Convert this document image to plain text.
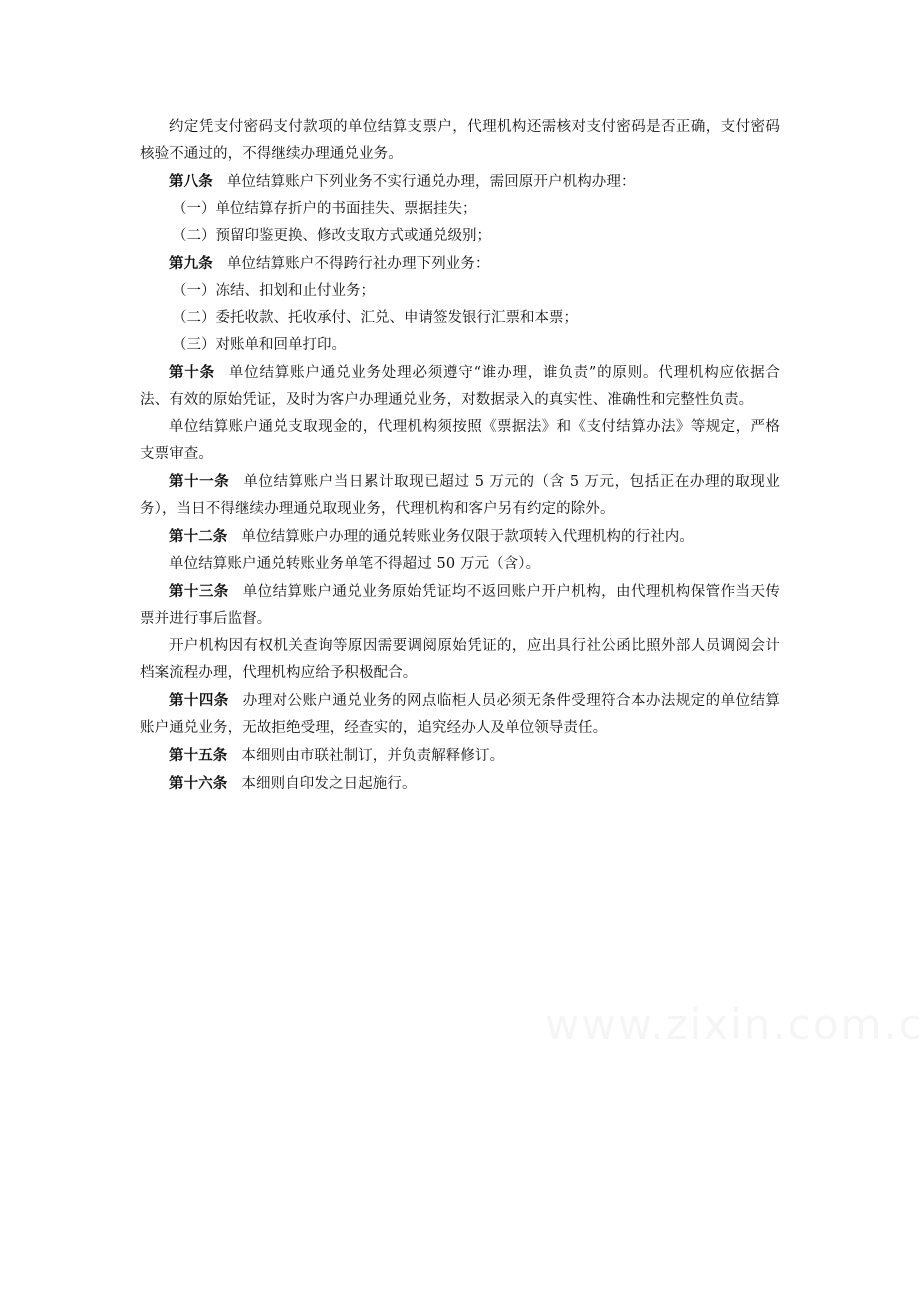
约定凭支付密码支付款项的单位结算支票户，代理机构还需核对支付密码是否正确，支付密码核验不通过的，不得继续办理通兑业务。

第八条 单位结算账户下列业务不实行通兑办理，需回原开户机构办理：

（一）单位结算存折户的书面挂失、票据挂失；

（二）预留印鉴更换、修改支取方式或通兑级别；

第九条 单位结算账户不得跨行社办理下列业务：

（一）冻结、扣划和止付业务；

（二）委托收款、托收承付、汇兑、申请签发银行汇票和本票；

（三）对账单和回单打印。

第十条 单位结算账户通兑业务处理必须遵守“谁办理，谁负责”的原则。代理机构应依据合法、有效的原始凭证，及时为客户办理通兑业务，对数据录入的真实性、准确性和完整性负责。

单位结算账户通兑支取现金的，代理机构须按照《票据法》和《支付结算办法》等规定，严格支票审查。

第十一条 单位结算账户当日累计取现已超过 5 万元的（含 5 万元，包括正在办理的取现业务），当日不得继续办理通兑取现业务，代理机构和客户另有约定的除外。

第十二条 单位结算账户办理的通兑转账业务仅限于款项转入代理机构的行社内。

单位结算账户通兑转账业务单笔不得超过 50 万元（含）。

第十三条 单位结算账户通兑业务原始凭证均不返回账户开户机构，由代理机构保管作当天传票并进行事后监督。

开户机构因有权机关查询等原因需要调阅原始凭证的，应出具行社公函比照外部人员调阅会计档案流程办理，代理机构应给予积极配合。

第十四条 办理对公账户通兑业务的网点临柜人员必须无条件受理符合本办法规定的单位结算账户通兑业务，无故拒绝受理，经查实的，追究经办人及单位领导责任。

第十五条 本细则由市联社制订，并负责解释修订。

第十六条 本细则自印发之日起施行。
